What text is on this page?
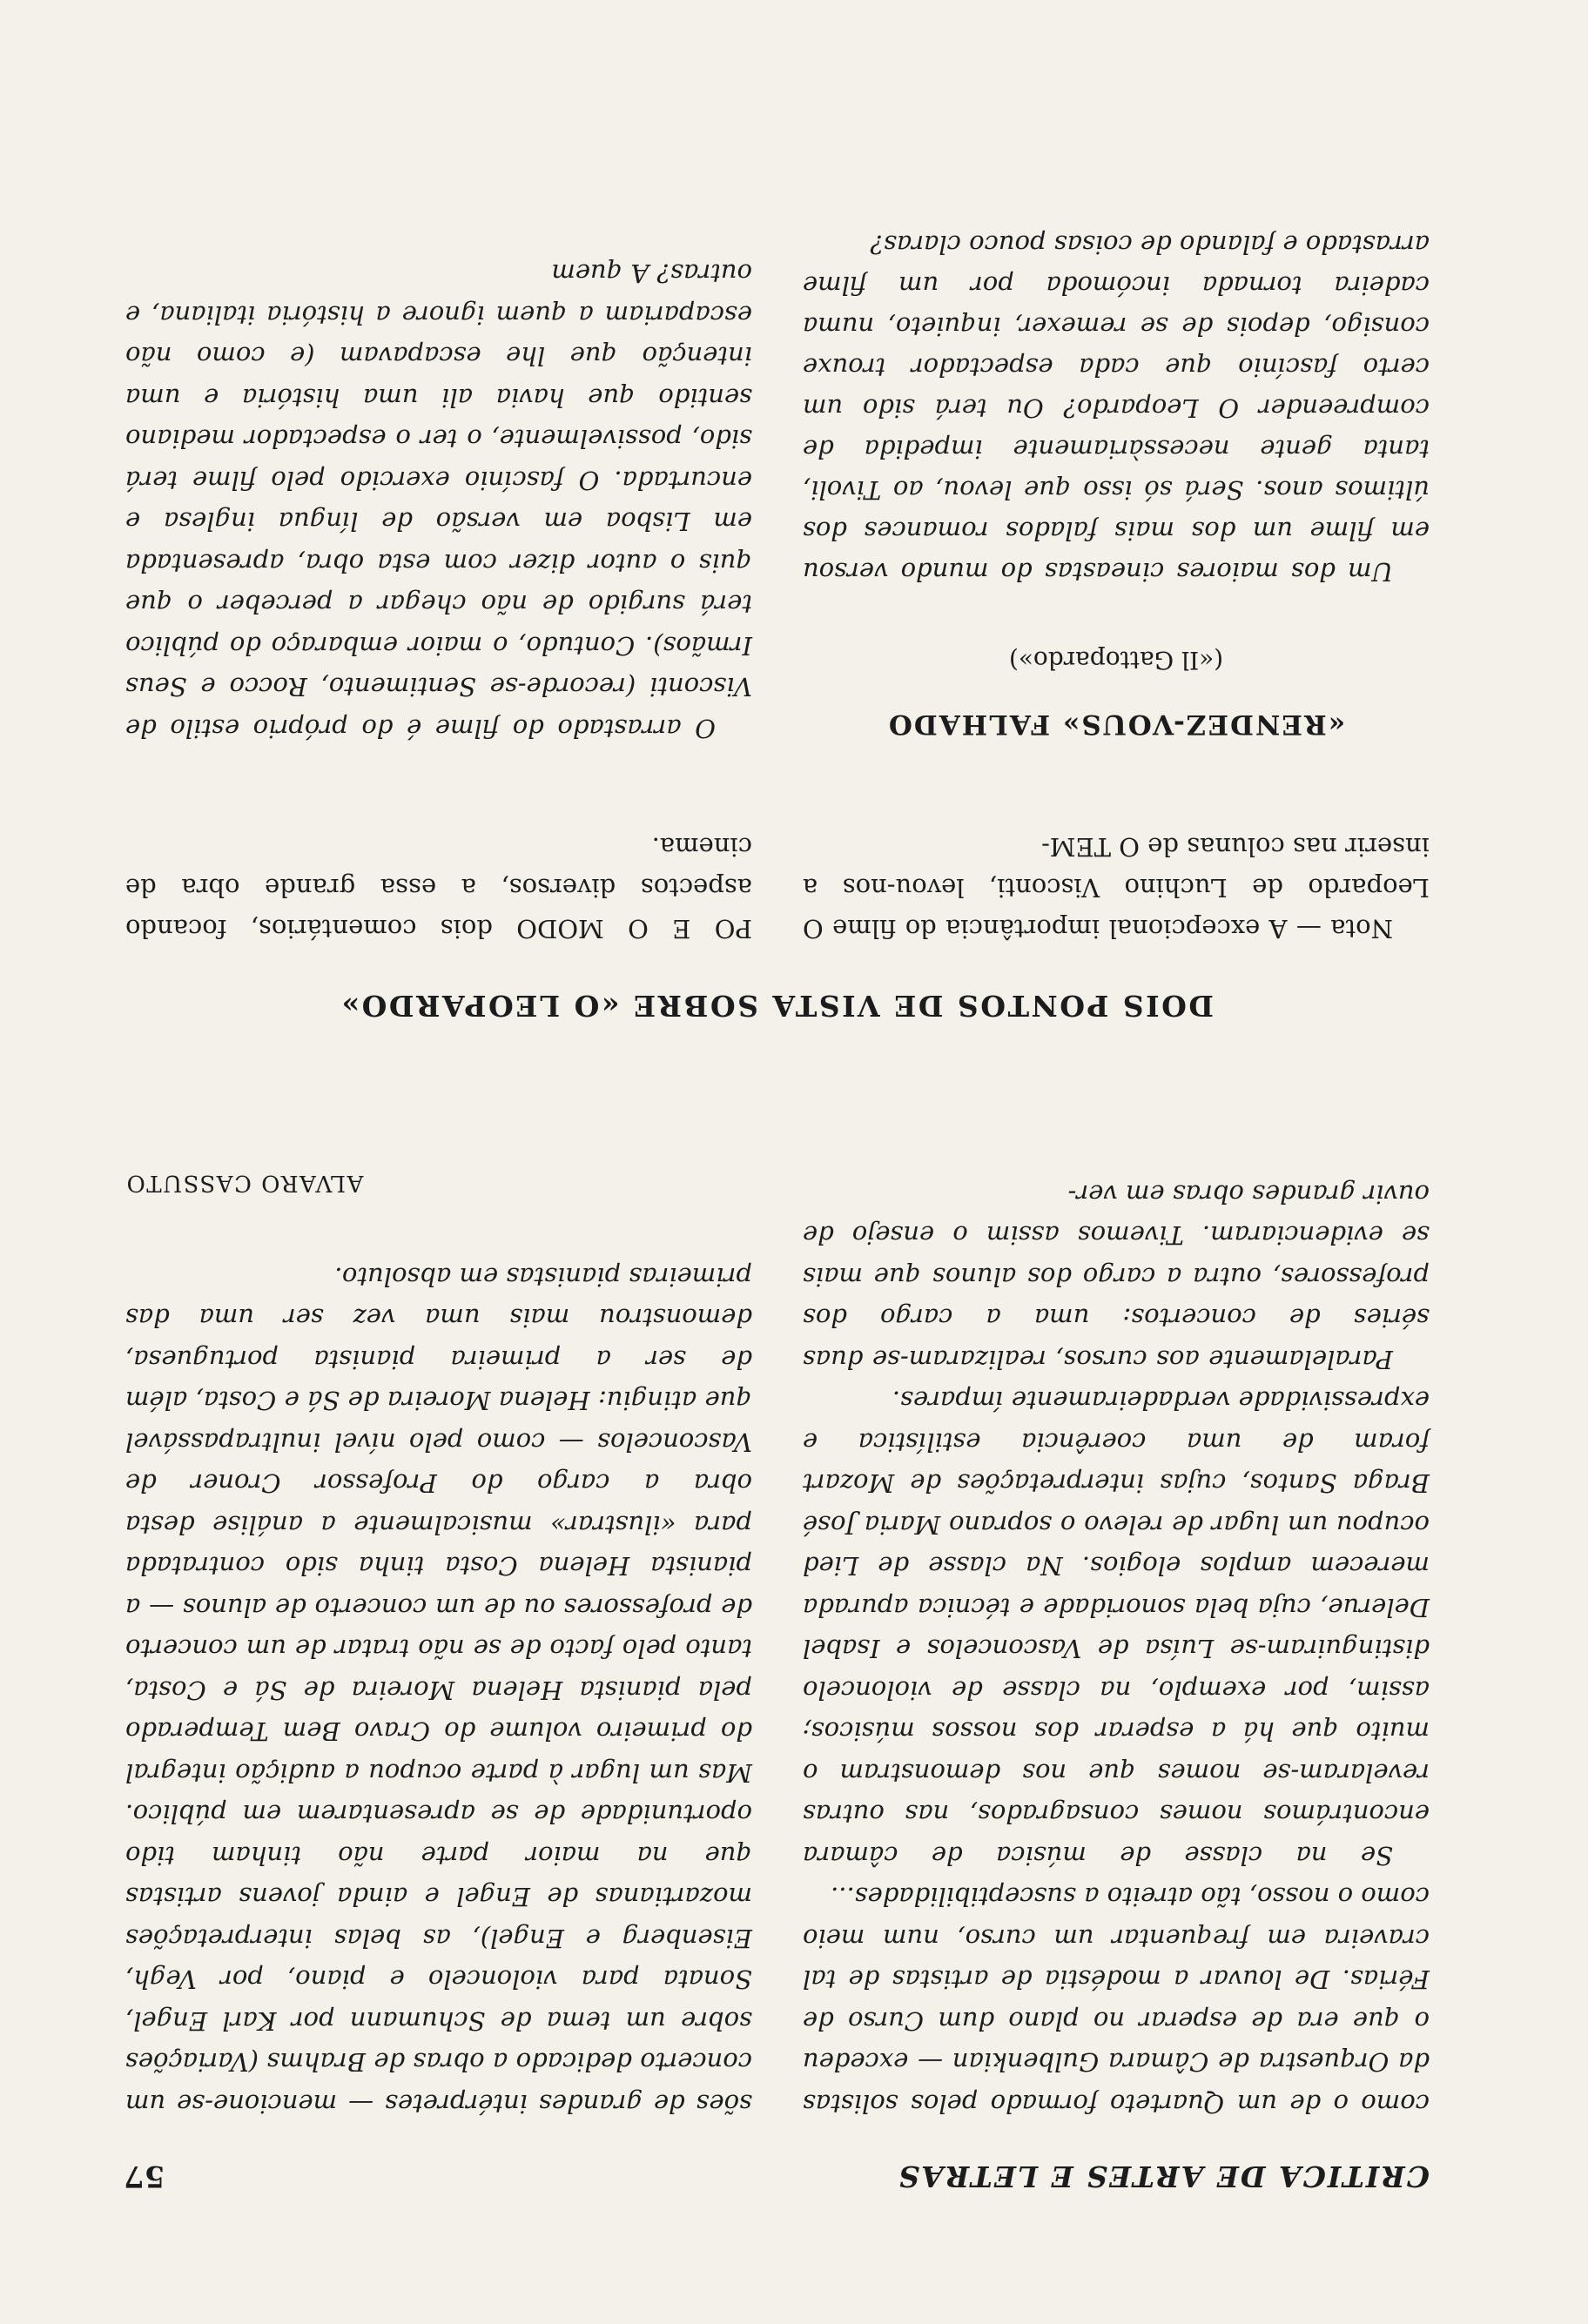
CRITICA DE ARTES E LETRAS
57

como o de um Quarteto formado pelos solistas da Orquestra de Câmara Gulbenkian — excedeu o que era de esperar no plano dum Curso de Férias. De louvar a modéstia de artistas de tal craveira em frequentar um curso, num meio como o nosso, tão atreito a susceptibilidades...

Se na classe de música de câmara encontrámos nomes consagrados, nas outras revelaram-se nomes que nos demonstram o muito que há a esperar dos nossos músicos; assim, por exemplo, na classe de violoncelo distinguiram-se Luísa de Vasconcelos e Isabel Delerue, cuja bela sonoridade e técnica apurada merecem amplos elogios. Na classe de Lied ocupou um lugar de relevo o soprano Maria José Braga Santos, cujas interpretações de Mozart foram de uma coerência estilística e expressividade verdadeiramente ímpares.

Paralelamente aos cursos, realizaram-se duas séries de concertos: uma a cargo dos professores, outra a cargo dos alunos que mais se evidenciaram. Tivemos assim o ensejo de ouvir grandes obras em ver-

sões de grandes intérpretes — mencione-se um concerto dedicado a obras de Brahms (Variações sobre um tema de Schumann por Karl Engel, Sonata para violoncelo e piano, por Vegh, Eisenberg e Engel), as belas interpretações mozartianas de Engel e ainda jovens artistas que na maior parte não tinham tido oportunidade de se apresentarem em público. Mas um lugar à parte ocupou a audição integral do primeiro volume do Cravo Bem Temperado pela pianista Helena Moreira de Sá e Costa, tanto pelo facto de se não tratar de um concerto de professores ou de um concerto de alunos — a pianista Helena Costa tinha sido contratada para «ilustrar» musicalmente a análise desta obra a cargo do Professor Croner de Vasconcelos — como pelo nível inultrapassável que atingiu: Helena Moreira de Sá e Costa, além de ser a primeira pianista portuguesa, demonstrou mais uma vez ser uma das primeiras pianistas em absoluto.

ALVARO CASSUTO

DOIS PONTOS DE VISTA SOBRE «O LEOPARDO»

Nota — A excepcional importância do filme O Leopardo de Luchino Visconti, levou-nos a inserir nas colunas de O TEM-

PO E O MODO dois comentários, focando aspectos diversos, a essa grande obra de cinema.

«RENDEZ-VOUS» FALHADO
(«Il Gattopardo»)

Um dos maiores cineastas do mundo versou em filme um dos mais falados romances dos últimos anos. Será só isso que levou, ao Tivoli, tanta gente necessàriamente impedida de compreender O Leopardo? Ou terá sido um certo fascínio que cada espectador trouxe consigo, depois de se remexer, inquieto, numa cadeira tornada incómoda por um filme arrastado e falando de coisas pouco claras?

O arrastado do filme é do próprio estilo de Visconti (recorde-se Sentimento, Rocco e Seus Irmãos). Contudo, o maior embaraço do público terá surgido de não chegar a perceber o que quis o autor dizer com esta obra, apresentada em Lisboa em versão de língua inglesa e encurtada. O fascínio exercido pelo filme terá sido, possivelmente, o ter o espectador mediano sentido que havia ali uma história e uma intenção que lhe escapavam (e como não escapariam a quem ignore a história italiana, e outras? A quem
